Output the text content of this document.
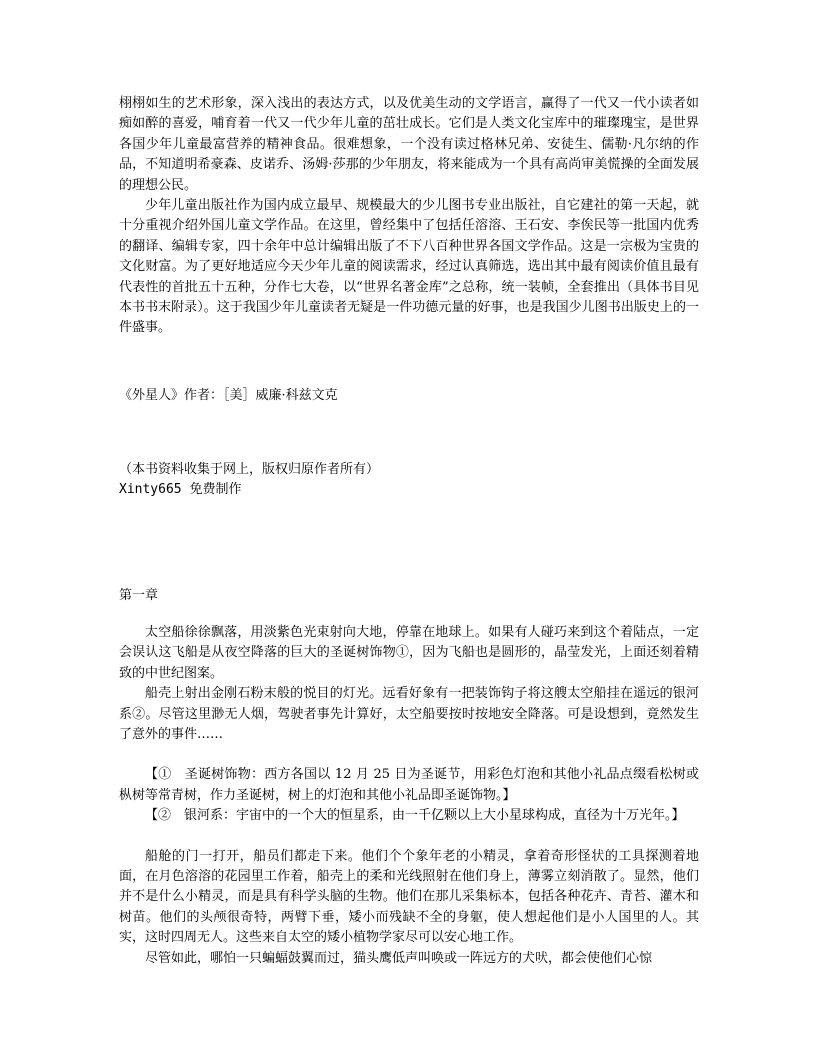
栩栩如生的艺术形象，深入浅出的表达方式，以及优美生动的文学语言，赢得了一代又一代小读者如痴如醉的喜爱，哺育着一代又一代少年儿童的茁壮成长。它们是人类文化宝库中的璀璨瑰宝，是世界各国少年儿童最富营养的精神食品。很难想象，一个没有读过格林兄弟、安徒生、儒勒·凡尔纳的作品，不知道明希豪森、皮诺乔、汤姆·莎那的少年朋友，将来能成为一个具有高尚审美慌操的全面发展的理想公民。

少年儿童出版社作为国内成立最早、规模最大的少儿图书专业出版社，自它建社的第一天起，就十分重视介绍外国儿童文学作品。在这里，曾经集中了包括任溶溶、王石安、李俟民等一批国内优秀的翻译、编辑专家，四十余年中总计编辑出版了不下八百种世界各国文学作品。这是一宗极为宝贵的文化财富。为了更好地适应今天少年儿童的阅读需求，经过认真筛选，选出其中最有阅读价值且最有代表性的首批五十五种，分作七大卷，以“世界名著金库”之总称，统一装帧，全套推出（具体书目见本书书末附录）。这于我国少年儿童读者无疑是一件功德元量的好事，也是我国少儿图书出版史上的一件盛事。

《外星人》作者：［美］威廉·科兹文克
（本书资料收集于网上，版权归原作者所有）
Xinty665 免费制作
第一章

太空船徐徐飘落，用淡紫色光束射向大地，停靠在地球上。如果有人碰巧来到这个着陆点，一定会误认这飞船是从夜空降落的巨大的圣诞树饰物①，因为飞船也是圆形的，晶莹发光，上面还刻着精致的中世纪图案。

船壳上射出金刚石粉末般的悦目的灯光。远看好象有一把装饰钩子将这艘太空船挂在遥远的银河系②。尽管这里渺无人烟，驾驶者事先计算好，太空船要按时按地安全降落。可是设想到，竟然发生了意外的事件……

【①　圣诞树饰物：西方各国以 12 月 25 日为圣诞节，用彩色灯泡和其他小礼品点缀看松树或枞树等常青树，作力圣诞树，树上的灯泡和其他小礼品即圣诞饰物。】

【②　银河系：宇宙中的一个大的恒星系，由一千亿颗以上大小星球构成，直径为十万光年。】

船舱的门一打开，船员们都走下来。他们个个象年老的小精灵，拿着奇形怪状的工具探测着地面，在月色溶溶的花园里工作着，船壳上的柔和光线照射在他们身上，薄雾立刻消散了。显然，他们并不是什么小精灵，而是具有科学头脑的生物。他们在那儿采集标本，包括各种花卉、青苔、灌木和树苗。他们的头颅很奇特，两臂下垂，矮小而残缺不全的身躯，使人想起他们是小人国里的人。其实，这时四周无人。这些来自太空的矮小植物学家尽可以安心地工作。

尽管如此，哪怕一只蝙蝠鼓翼而过，猫头鹰低声叫唤或一阵远方的犬吠，都会使他们心惊
